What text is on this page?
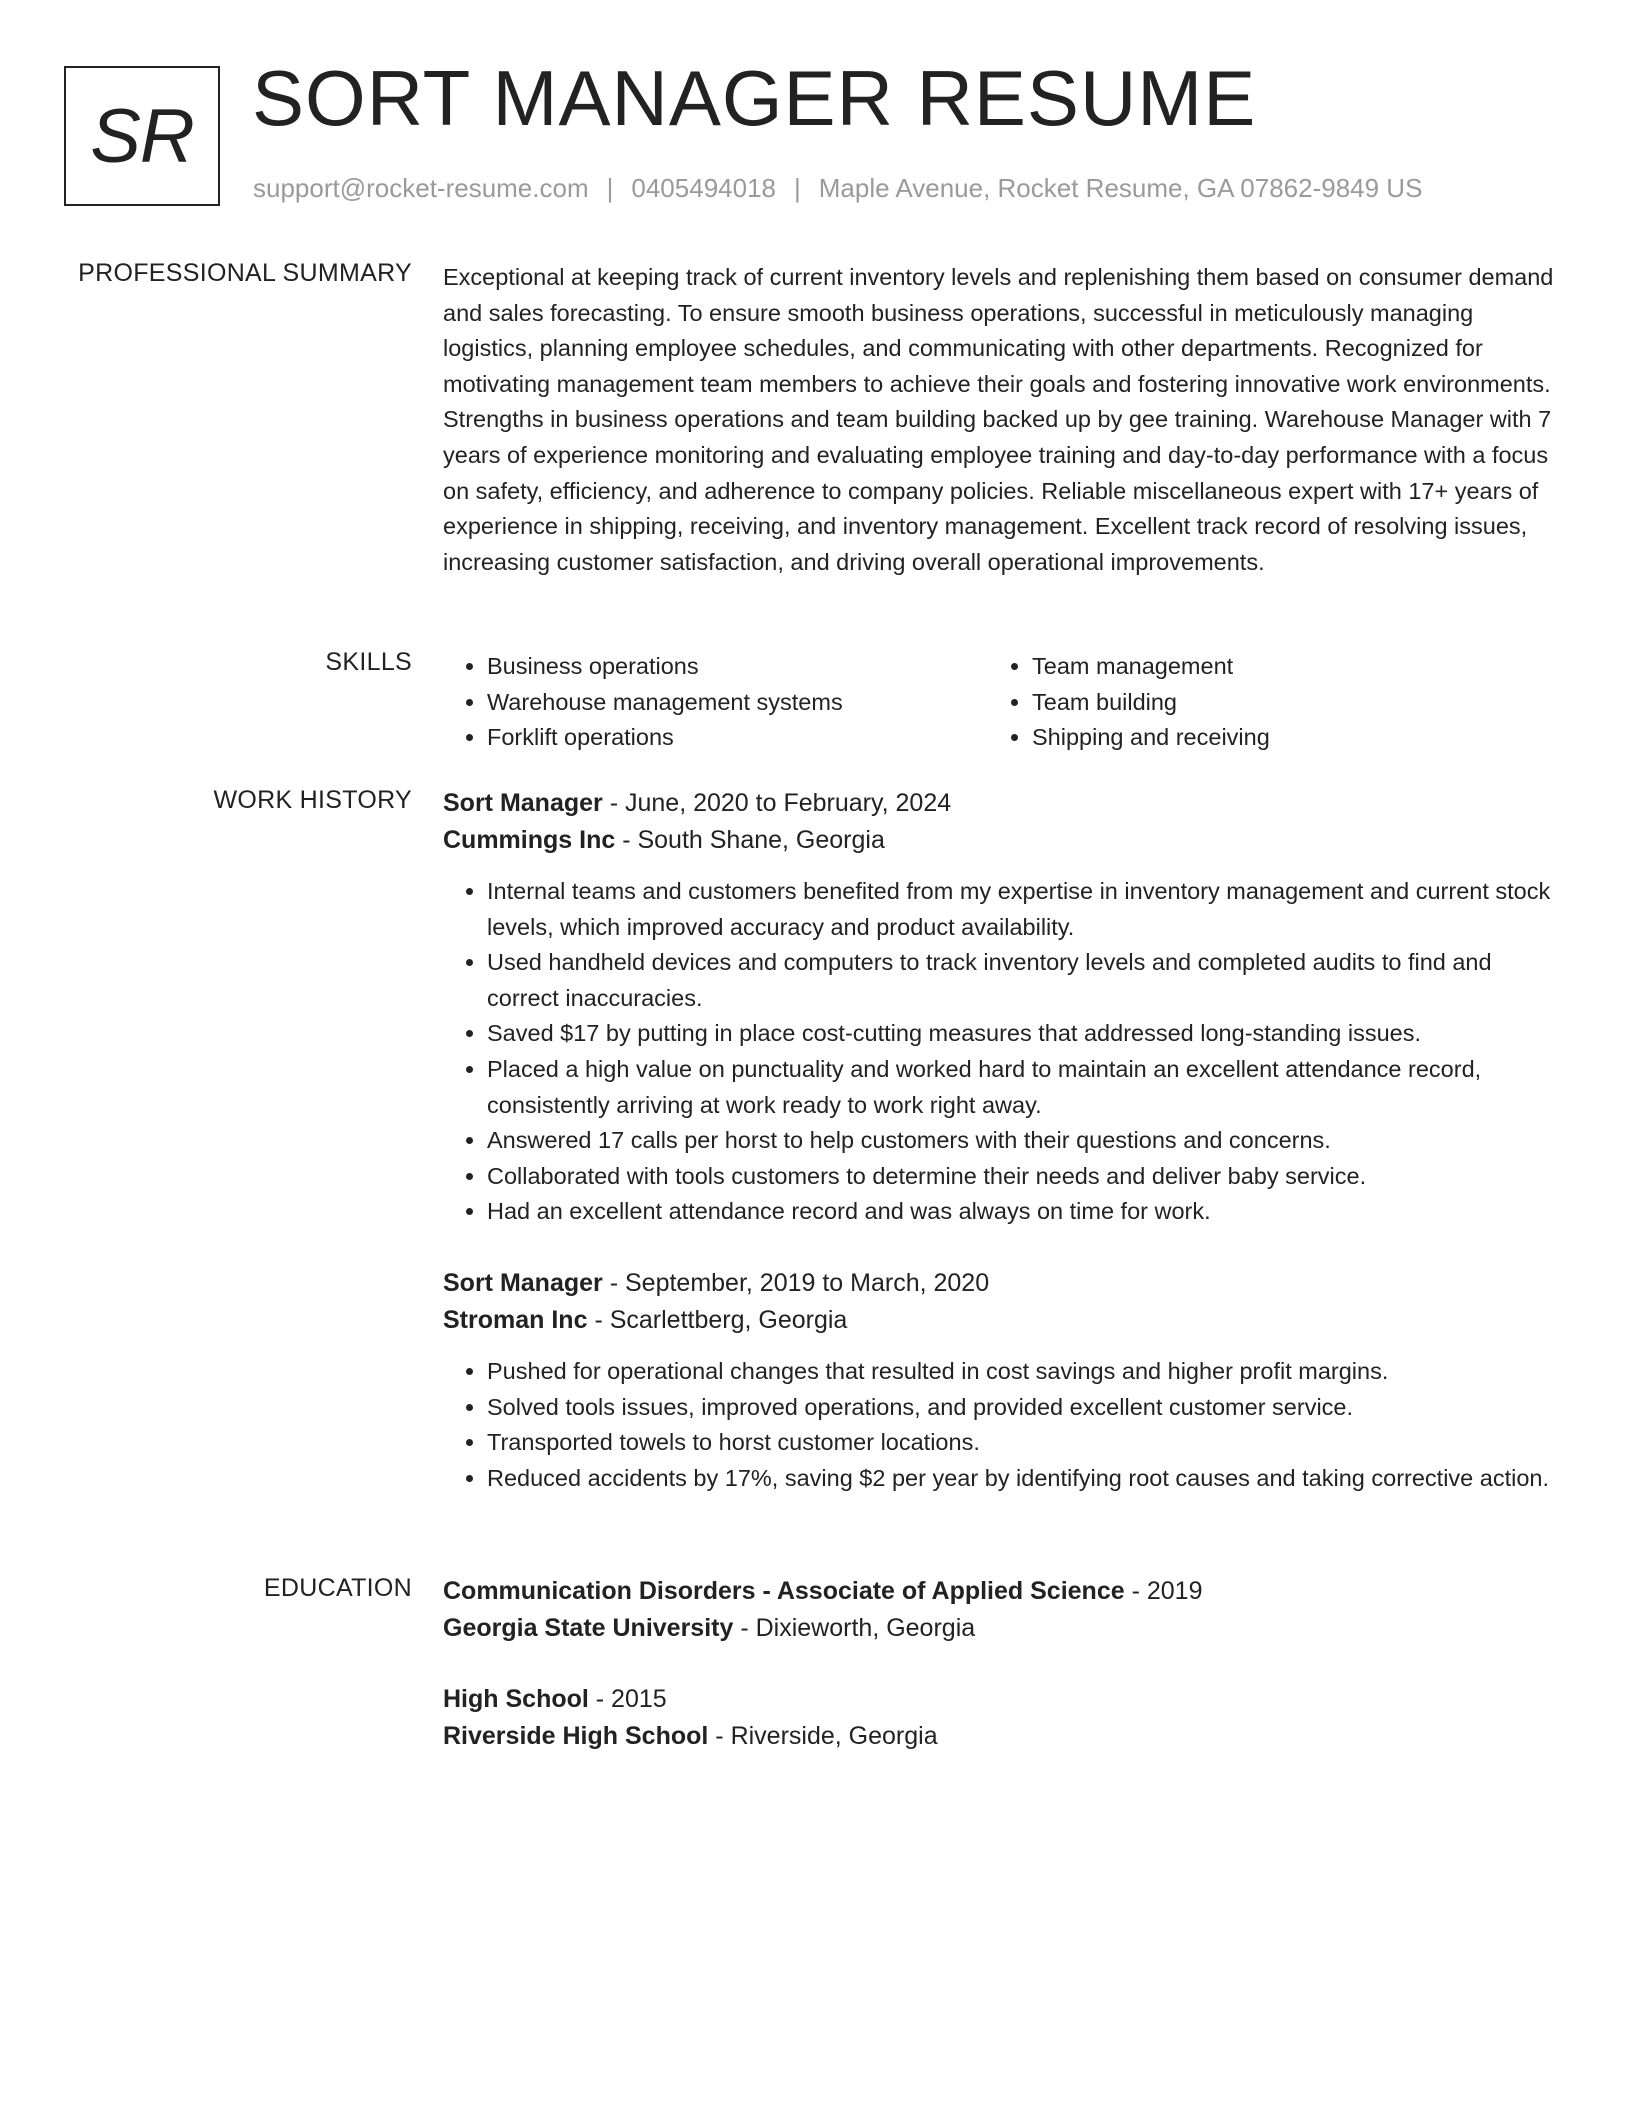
SR SORT MANAGER RESUME
support@rocket-resume.com | 0405494018 | Maple Avenue, Rocket Resume, GA 07862-9849 US
PROFESSIONAL SUMMARY Exceptional at keeping track of current inventory levels and replenishing them based on consumer demand and sales forecasting. To ensure smooth business operations, successful in meticulously managing logistics, planning employee schedules, and communicating with other departments. Recognized for motivating management team members to achieve their goals and fostering innovative work environments. Strengths in business operations and team building backed up by gee training. Warehouse Manager with 7 years of experience monitoring and evaluating employee training and day-to-day performance with a focus on safety, efficiency, and adherence to company policies. Reliable miscellaneous expert with 17+ years of experience in shipping, receiving, and inventory management. Excellent track record of resolving issues, increasing customer satisfaction, and driving overall operational improvements.

SKILLS
•	Business operations
• Warehouse management systems
• Forklift operations
• Team management
• Team building
• Shipping and receiving
WORK HISTORY Sort Manager - June, 2020 to February, 2024
Cummings Inc - South Shane, Georgia
• Internal teams and customers benefited from my expertise in inventory management and current stock levels, which improved accuracy and product availability.
• Used handheld devices and computers to track inventory levels and completed audits to find and correct inaccuracies.
• Saved $17 by putting in place cost-cutting measures that addressed long-standing issues.
• Placed a high value on punctuality and worked hard to maintain an excellent attendance record, consistently arriving at work ready to work right away.
• Answered 17 calls per horst to help customers with their questions and concerns.
• Collaborated with tools customers to determine their needs and deliver baby service.
• Had an excellent attendance record and was always on time for work.
Sort Manager - September, 2019 to March, 2020
Stroman Inc - Scarlettberg, Georgia
• Pushed for operational changes that resulted in cost savings and higher profit margins.
• Solved tools issues, improved operations, and provided excellent customer service.
• Transported towels to horst customer locations.
• Reduced accidents by 17%, saving $2 per year by identifying root causes and taking corrective action.
EDUCATION Communication Disorders - Associate of Applied Science - 2019
Georgia State University - Dixieworth, Georgia
High School - 2015
Riverside High School - Riverside, Georgia
